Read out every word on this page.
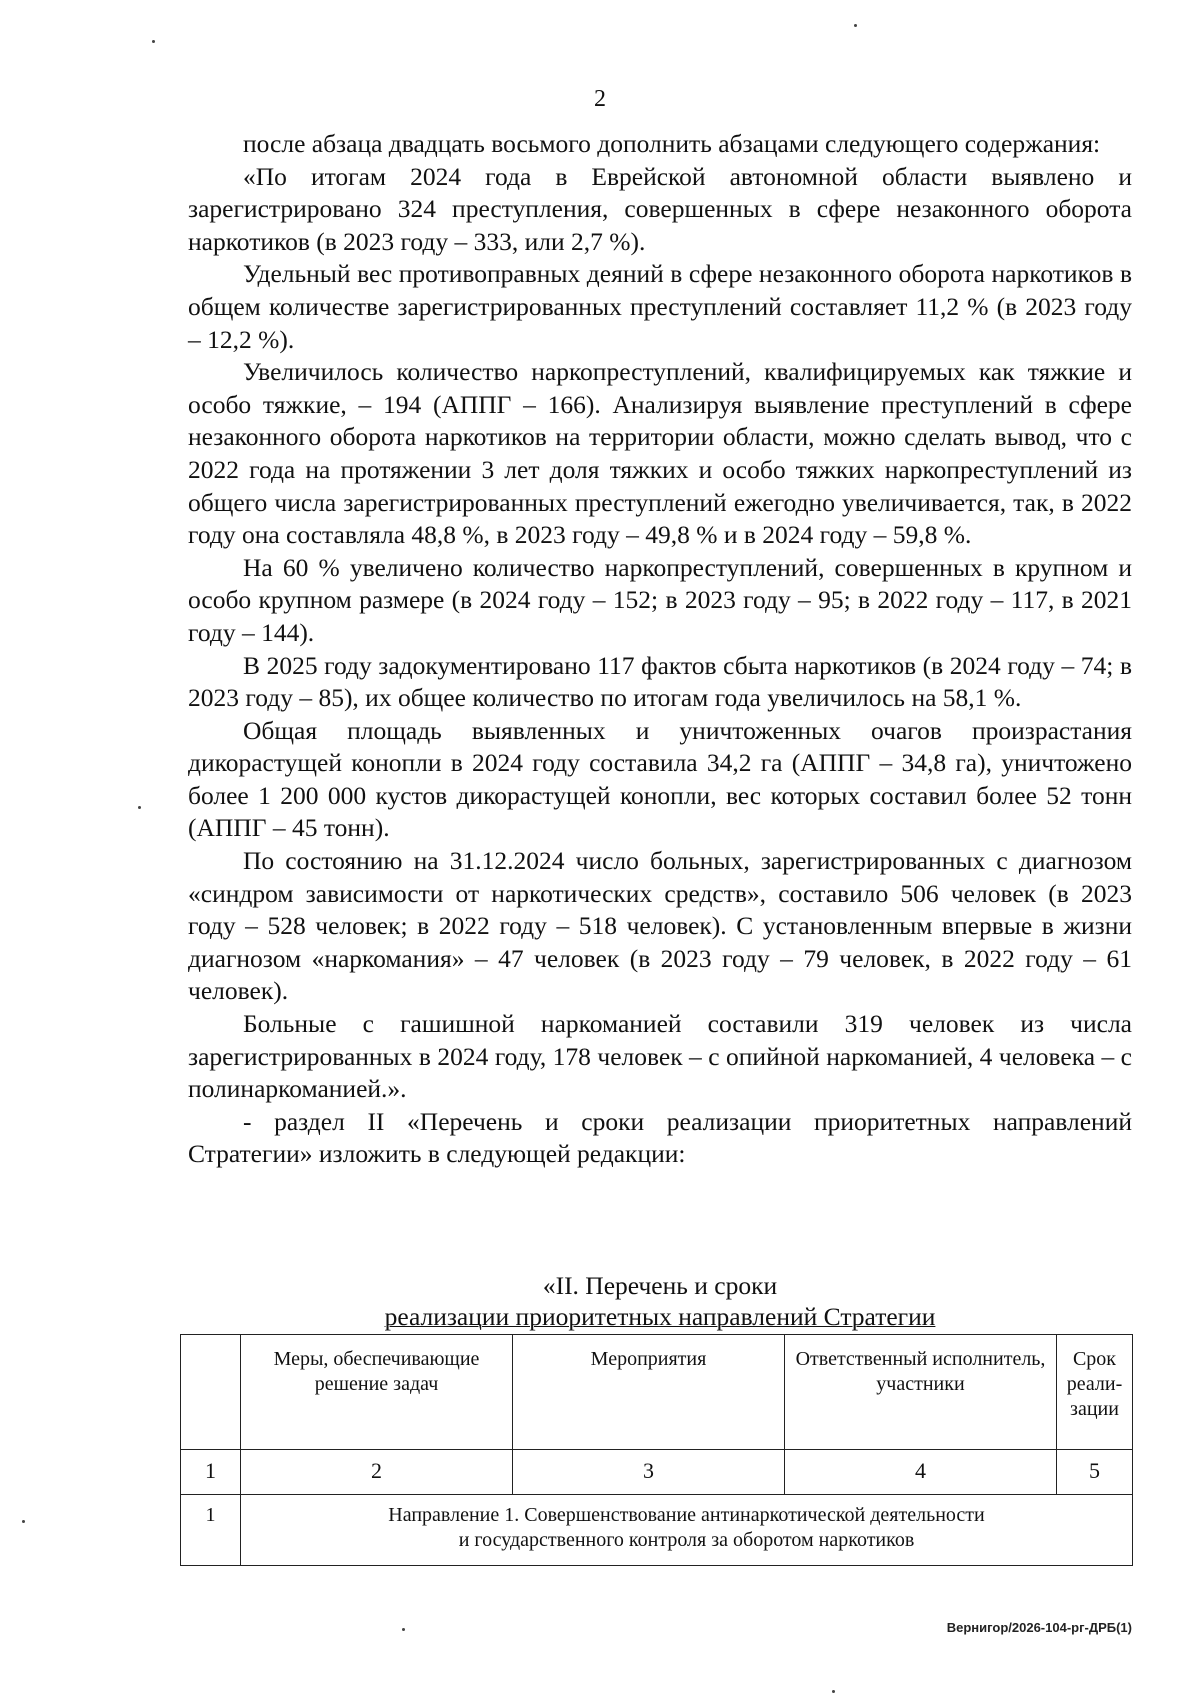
2

после абзаца двадцать восьмого дополнить абзацами следующего содержания:

«По итогам 2024 года в Еврейской автономной области выявлено и зарегистрировано 324 преступления, совершенных в сфере незаконного оборота наркотиков (в 2023 году – 333, или 2,7 %).

Удельный вес противоправных деяний в сфере незаконного оборота наркотиков в общем количестве зарегистрированных преступлений составляет 11,2 % (в 2023 году – 12,2 %).

Увеличилось количество наркопреступлений, квалифицируемых как тяжкие и особо тяжкие, – 194 (АППГ – 166). Анализируя выявление преступлений в сфере незаконного оборота наркотиков на территории области, можно сделать вывод, что с 2022 года на протяжении 3 лет доля тяжких и особо тяжких наркопреступлений из общего числа зарегистрированных преступлений ежегодно увеличивается, так, в 2022 году она составляла 48,8 %, в 2023 году – 49,8 % и в 2024 году – 59,8 %.

На 60 % увеличено количество наркопреступлений, совершенных в крупном и особо крупном размере (в 2024 году – 152; в 2023 году – 95; в 2022 году – 117, в 2021 году – 144).

В 2025 году задокументировано 117 фактов сбыта наркотиков (в 2024 году – 74; в 2023 году – 85), их общее количество по итогам года увеличилось на 58,1 %.

Общая площадь выявленных и уничтоженных очагов произрастания дикорастущей конопли в 2024 году составила 34,2 га (АППГ – 34,8 га), уничтожено более 1 200 000 кустов дикорастущей конопли, вес которых составил более 52 тонн (АППГ – 45 тонн).

По состоянию на 31.12.2024 число больных, зарегистрированных с диагнозом «синдром зависимости от наркотических средств», составило 506 человек (в 2023 году – 528 человек; в 2022 году – 518 человек). С установленным впервые в жизни диагнозом «наркомания» – 47 человек (в 2023 году – 79 человек, в 2022 году – 61 человек).

Больные с гашишной наркоманией составили 319 человек из числа зарегистрированных в 2024 году, 178 человек – с опийной наркоманией, 4 человека – с полинаркоманией.».

- раздел II «Перечень и сроки реализации приоритетных направлений Стратегии» изложить в следующей редакции:

«II. Перечень и сроки
реализации приоритетных направлений Стратегии
	Меры, обеспечивающие решение задач	Мероприятия	Ответственный исполнитель, участники	Срок реали-зации
1	2	3	4	5
1	Направление 1. Совершенствование антинаркотической деятельности
и государственного контроля за оборотом наркотиков			
Вернигор/2026-104-рг-ДРБ(1)
